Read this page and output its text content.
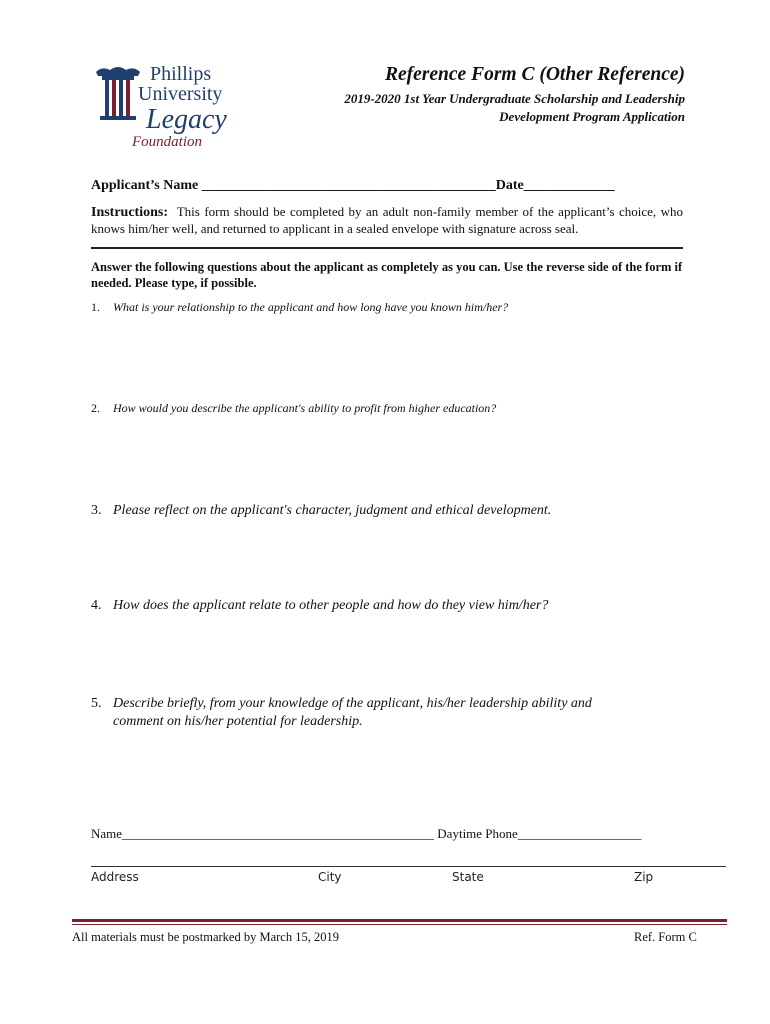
Phillips
University
Legacy
Foundation
Reference Form C (Other Reference)
2019-2020 1st Year Undergraduate Scholarship and Leadership
Development Program Application
Applicant’s Name __________________________________________Date_____________
Instructions: This form should be completed by an adult non-family member of the applicant’s choice, who knows him/her well, and returned to applicant in a sealed envelope with signature across seal.
Answer the following questions about the applicant as completely as you can. Use the reverse side of the form if needed. Please type, if possible.
1. What is your relationship to the applicant and how long have you known him/her?
2. How would you describe the applicant's ability to profit from higher education?
3. Please reflect on the applicant's character, judgment and ethical development.
4. How does the applicant relate to other people and how do they view him/her?
5. Describe briefly, from your knowledge of the applicant, his/her leadership ability and
comment on his/her potential for leadership.
Name________________________________________________ Daytime Phone___________________
Address	City	State	Zip
All materials must be postmarked by March 15, 2019	Ref. Form C
